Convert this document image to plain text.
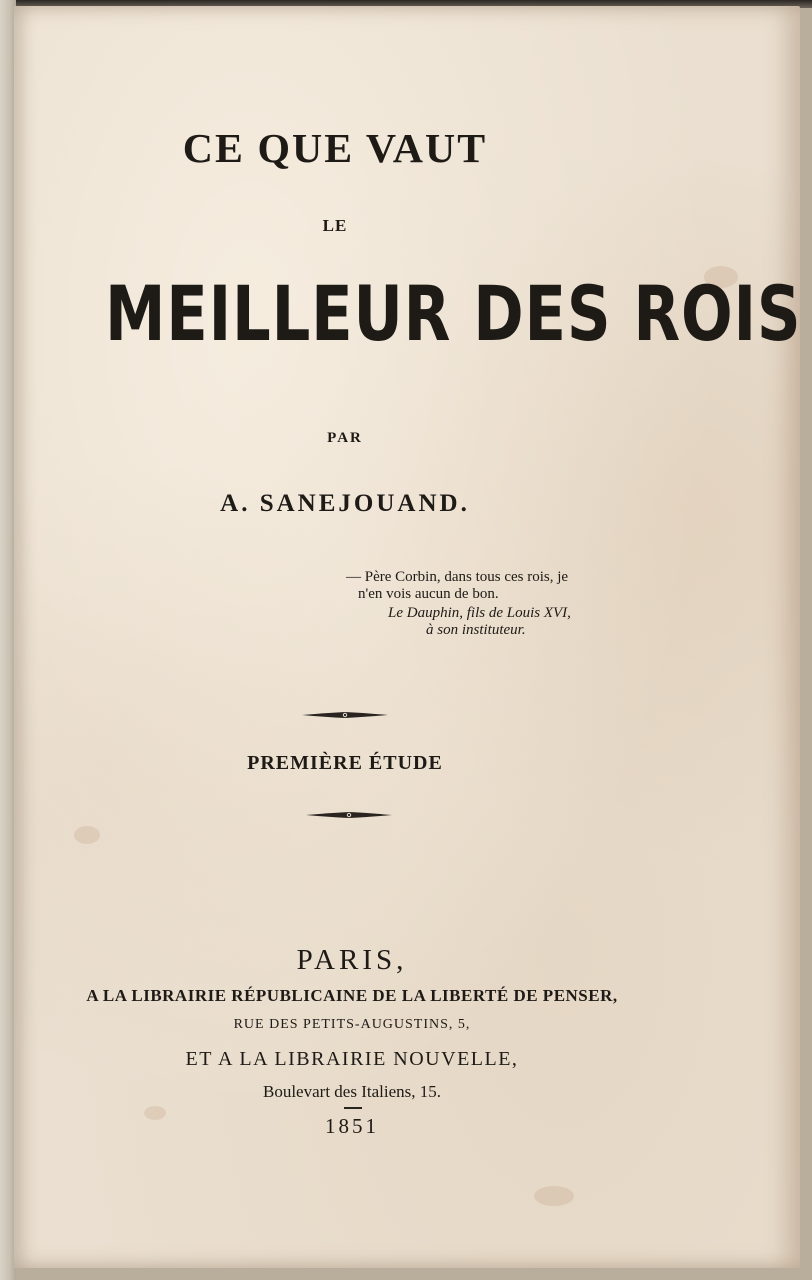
CE QUE VAUT
LE
MEILLEUR DES ROIS
PAR
A. SANEJOUAND.
— Père Corbin, dans tous ces rois, je
n'en vois aucun de bon.
Le Dauphin, fils de Louis XVI,
à son instituteur.
PREMIÈRE ÉTUDE
PARIS,
A LA LIBRAIRIE RÉPUBLICAINE DE LA LIBERTÉ DE PENSER,
RUE DES PETITS-AUGUSTINS, 5,
ET A LA LIBRAIRIE NOUVELLE,
Boulevart des Italiens, 15.
1851
